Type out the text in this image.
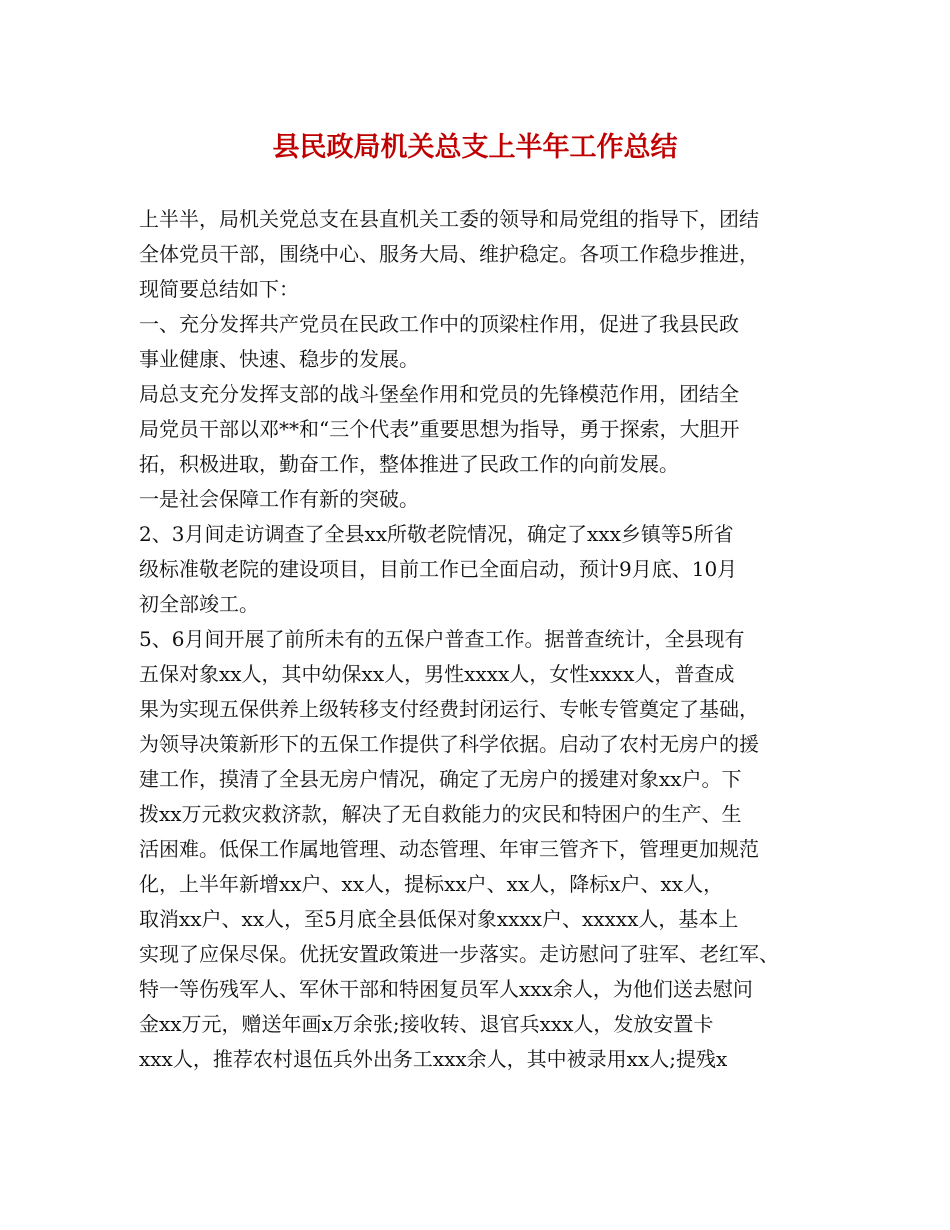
县民政局机关总支上半年工作总结
上半半，局机关党总支在县直机关工委的领导和局党组的指导下，团结
全体党员干部，围绕中心、服务大局、维护稳定。各项工作稳步推进，
现简要总结如下：
一、充分发挥共产党员在民政工作中的顶梁柱作用，促进了我县民政
事业健康、快速、稳步的发展。
局总支充分发挥支部的战斗堡垒作用和党员的先锋模范作用，团结全
局党员干部以邓**和“三个代表”重要思想为指导，勇于探索，大胆开
拓，积极进取，勤奋工作，整体推进了民政工作的向前发展。
一是社会保障工作有新的突破。
2、3月间走访调查了全县xx所敬老院情况，确定了xxx乡镇等5所省
级标准敬老院的建设项目，目前工作已全面启动，预计9月底、10月
初全部竣工。
5、6月间开展了前所未有的五保户普查工作。据普查统计，全县现有
五保对象xx人，其中幼保xx人，男性xxxx人，女性xxxx人，普查成
果为实现五保供养上级转移支付经费封闭运行、专帐专管奠定了基础，
为领导决策新形下的五保工作提供了科学依据。启动了农村无房户的援
建工作，摸清了全县无房户情况，确定了无房户的援建对象xx户。下
拨xx万元救灾救济款，解决了无自救能力的灾民和特困户的生产、生
活困难。低保工作属地管理、动态管理、年审三管齐下，管理更加规范
化，上半年新增xx户、xx人，提标xx户、xx人，降标x户、xx人，
取消xx户、xx人，至5月底全县低保对象xxxx户、xxxxx人，基本上
实现了应保尽保。优抚安置政策进一步落实。走访慰问了驻军、老红军、
特一等伤残军人、军休干部和特困复员军人xxx余人，为他们送去慰问
金xx万元，赠送年画x万余张;接收转、退官兵xxx人，发放安置卡
xxx人，推荐农村退伍兵外出务工xxx余人，其中被录用xx人;提残x
